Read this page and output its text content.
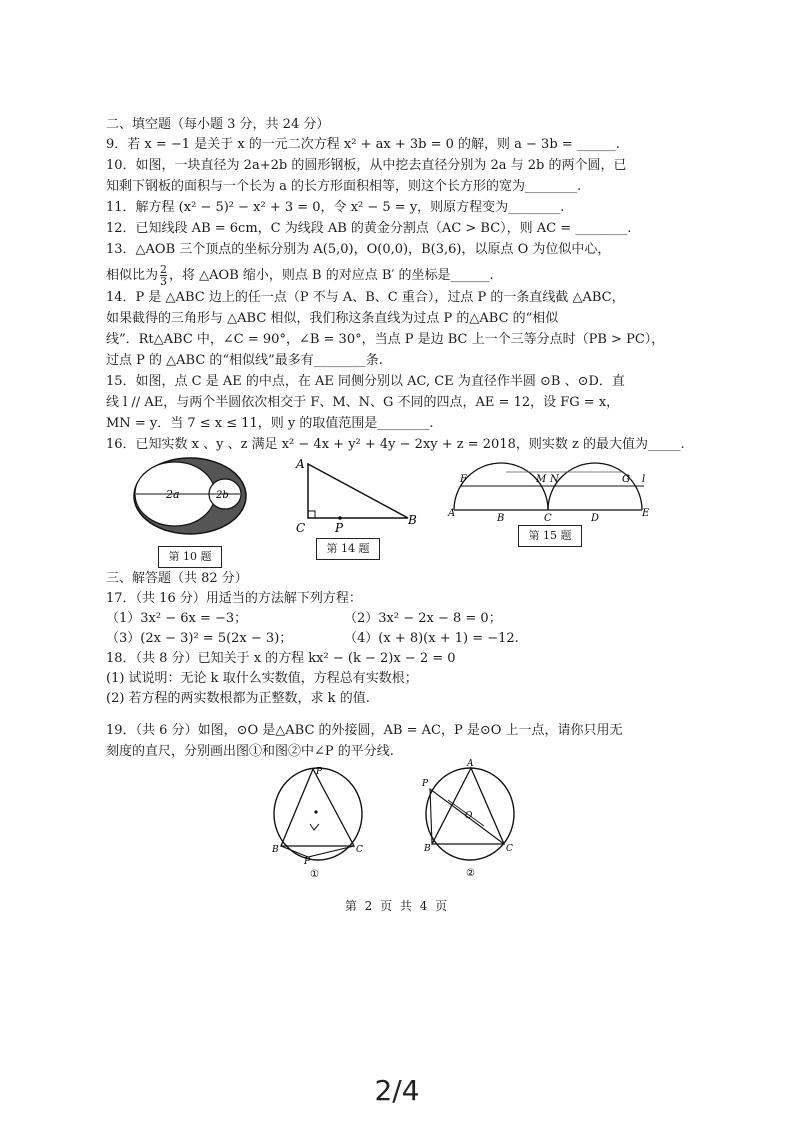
二、填空题（每小题 3 分，共 24 分）
9．若 x = −1 是关于 x 的一元二次方程 x² + ax + 3b = 0 的解，则 a − 3b = ______.
10．如图，一块直径为 2a+2b 的圆形钢板，从中挖去直径分别为 2a 与 2b 的两个圆，已
知剩下钢板的面积与一个长为 a 的长方形面积相等，则这个长方形的宽为________.
11．解方程 (x² − 5)² − x² + 3 = 0，令 x² − 5 = y，则原方程变为________.
12．已知线段 AB = 6cm，C 为线段 AB 的黄金分割点（AC > BC），则 AC = ________.
13．△AOB 三个顶点的坐标分别为 A(5,0)，O(0,0)，B(3,6)，以原点 O 为位似中心，
相似比为 $\frac{2}{3}$ ，将 △AOB 缩小，则点 B 的对应点 B′ 的坐标是______.
14．P 是 △ABC 边上的任一点（P 不与 A、B、C 重合），过点 P 的一条直线截 △ABC，
如果截得的三角形与 △ABC 相似，我们称这条直线为过点 P 的△ABC 的“相似
线”．Rt△ABC 中，∠C = 90°，∠B = 30°，当点 P 是边 BC 上一个三等分点时（PB > PC），
过点 P 的 △ABC 的“相似线”最多有________条.
15．如图，点 C 是 AE 的中点，在 AE 同侧分别以 AC, CE 为直径作半圆 ⊙B 、⊙D．直
线 l // AE，与两个半圆依次相交于 F、M、N、G 不同的四点，AE = 12，设 FG = x，
MN = y．当 7 ≤ x ≤ 11，则 y 的取值范围是________.
16．已知实数 x 、y 、z 满足 x² − 4x + y² + 4y − 2xy + z = 2018，则实数 z 的最大值为_____.
2a	2b
第 10 题
A
C P
B
第 14 题
F	M N	G l
A	B	C	D	E
第 15 题
三、解答题（共 82 分）
17．（共 16 分）用适当的方法解下列方程：
（1）3x² − 6x = −3；	（2）3x² − 2x − 8 = 0；
（3）(2x − 3)² = 5(2x − 3)；	（4）(x + 8)(x + 1) = −12.
18．（共 8 分）已知关于 x 的方程 kx² − (k − 2)x − 2 = 0
(1) 试说明：无论 k 取什么实数值，方程总有实数根；
(2) 若方程的两实数根都为正整数，求 k 的值.
19．（共 6 分）如图，⊙O 是△ABC 的外接圆，AB = AC，P 是⊙O 上一点，请你只用无
刻度的直尺，分别画出图①和图②中∠P 的平分线.
P
B	C
P
①
A
P
O
B	C
②
第 2 页 共 4 页
2/4
